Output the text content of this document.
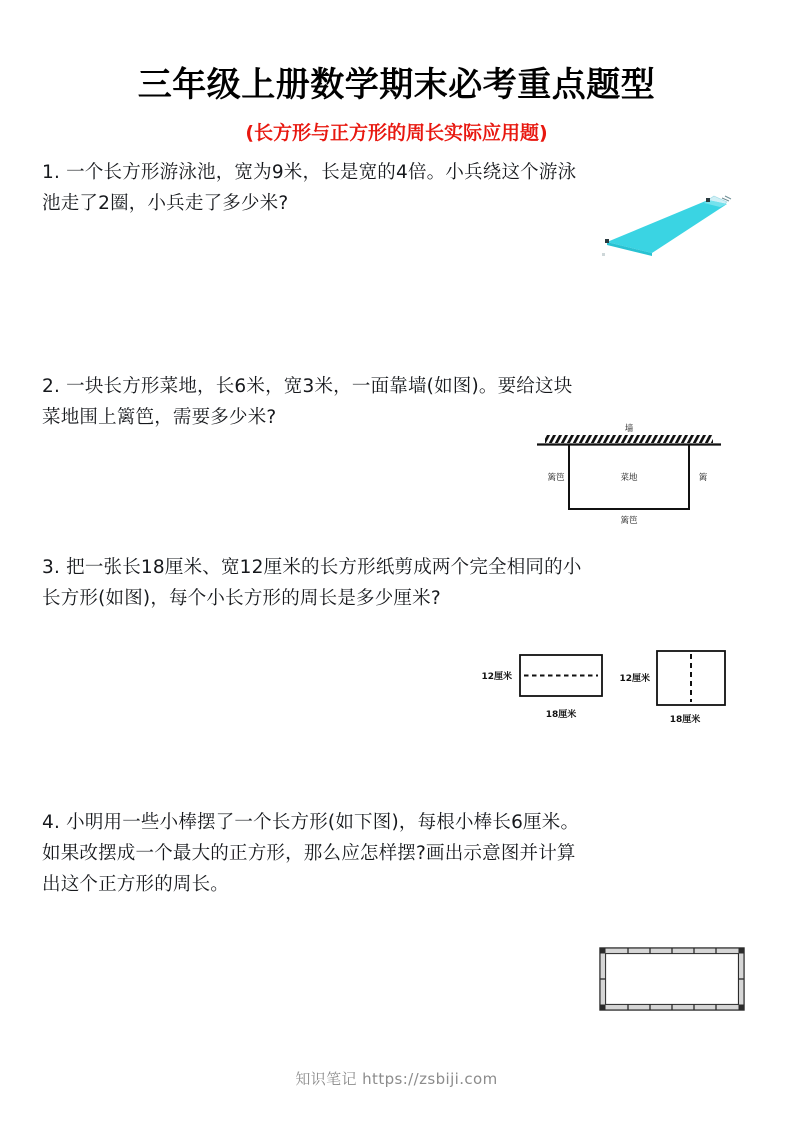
三年级上册数学期末必考重点题型
(长方形与正方形的周长实际应用题)
1. 一个长方形游泳池，宽为9米，长是宽的4倍。小兵绕这个游泳
池走了2圈，小兵走了多少米?
2. 一块长方形菜地，长6米，宽3米，一面靠墙(如图)。要给这块
菜地围上篱笆，需要多少米?
墙
篱笆	菜地	篱
篱笆
3. 把一张长18厘米、宽12厘米的长方形纸剪成两个完全相同的小
长方形(如图)，每个小长方形的周长是多少厘米?
12厘米
18厘米
12厘米
18厘米
4. 小明用一些小棒摆了一个长方形(如下图)，每根小棒长6厘米。
如果改摆成一个最大的正方形，那么应怎样摆?画出示意图并计算
出这个正方形的周长。
知识笔记 https://zsbiji.com
